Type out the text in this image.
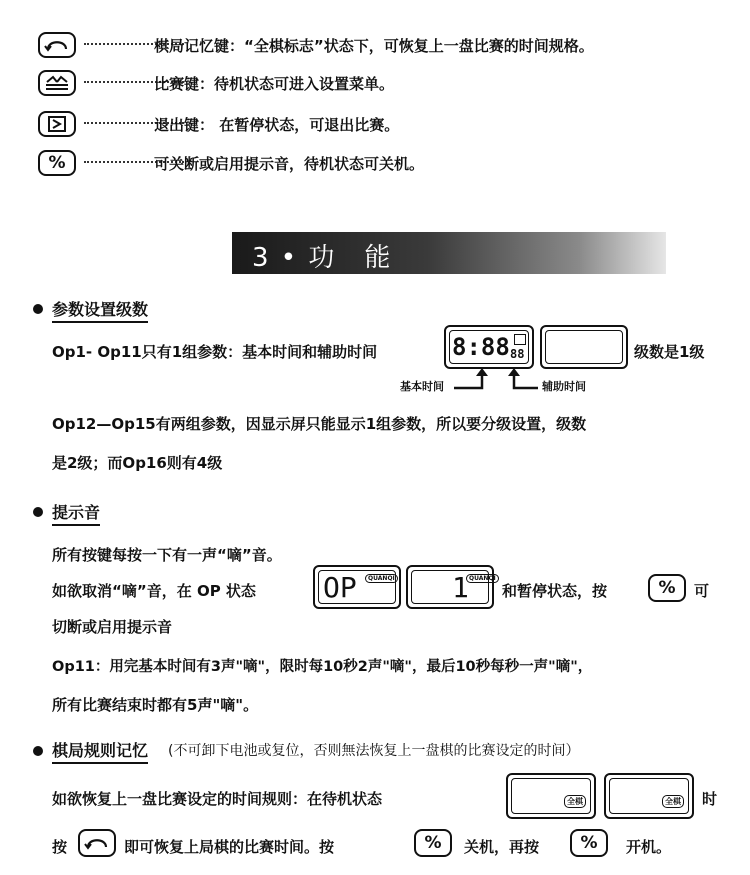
棋局记忆键：“全棋标志”状态下，可恢复上一盘比赛的时间规格。
比赛键：待机状态可进入设置菜单。
退出键： 在暂停状态，可退出比赛。
%	可关断或启用提示音，待机状态可关机。
3 • 功　能
参数设置级数
Op1- Op11只有1组参数：基本时间和辅助时间	8:88 88	级数是1级
基本时间	辅助时间
Op12—Op15有两组参数，因显示屏只能显示1组参数，所以要分级设置，级数
是2级；而Op16则有4级
提示音
所有按键每按一下有一声“嘀”音。
如欲取消“嘀”音，在 OP 状态 OP	QUANQI 1 QUANQI
和暂停状态，按	%	可
切断或启用提示音
Op11：用完基本时间有3声"嘀"，限时每10秒2声"嘀"，最后10秒每秒一声"嘀"，
所有比赛结束时都有5声"嘀"。
棋局规则记忆 (不可卸下电池或复位，否则無法恢复上一盘棋的比赛设定的时间）
如欲恢复上一盘比赛设定的时间规则：在待机状态	全棋	全棋 时
按	即可恢复上局棋的比赛时间。按	%	关机，再按	%	开机。
